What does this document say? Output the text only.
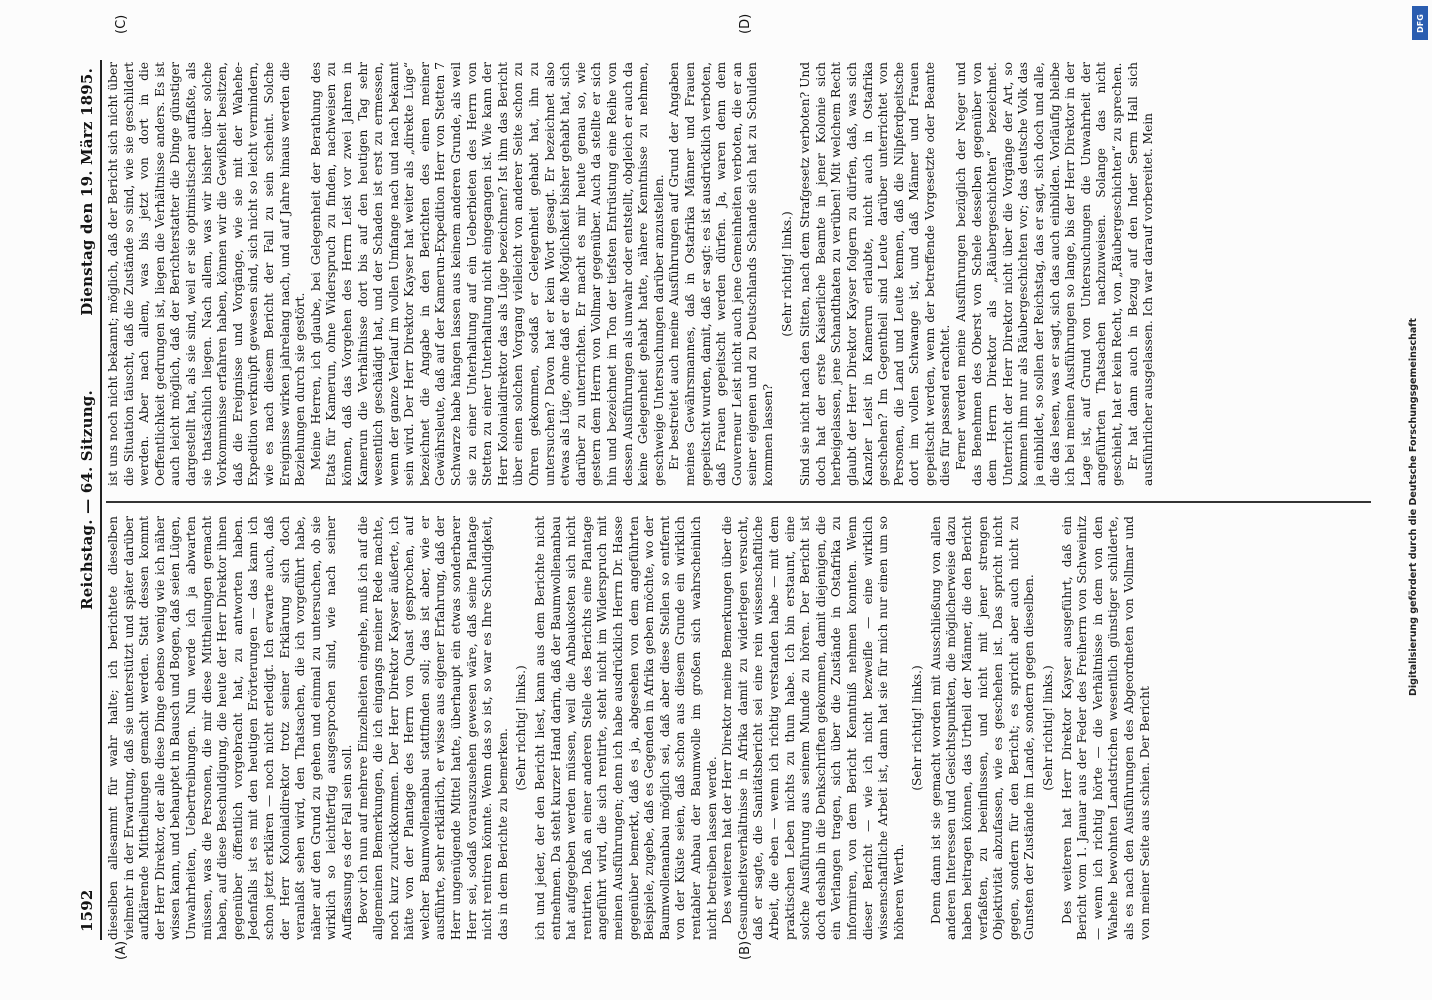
1592
Reichstag. — 64. Sitzung.
Dienstag den 19. März 1895.
(A)	(B)
(C)	(D)

dieselben allesammt für wahr halte; ich berichtete dieselben vielmehr in der Erwartung, daß sie unterstützt und später darüber aufklärende Mittheilungen gemacht werden. Statt dessen kommt der Herr Direktor, der alle diese Dinge ebenso wenig wie ich näher wissen kann, und behauptet in Bausch und Bogen, daß seien Lügen, Unwahrheiten, Uebertreibungen. Nun werde ich ja abwarten müssen, was die Personen, die mir diese Mittheilungen gemacht haben, auf diese Beschuldigung, die heute der Herr Direktor ihnen gegenüber öffentlich vorgebracht hat, zu antworten haben. Jedenfalls ist es mit den heutigen Erörterungen — das kann ich schon jetzt erklären — noch nicht erledigt. Ich erwarte auch, daß der Herr Kolonialdirektor trotz seiner Erklärung sich doch veranlaßt sehen wird, den Thatsachen, die ich vorgeführt habe, näher auf den Grund zu gehen und einmal zu untersuchen, ob sie wirklich so leichtfertig ausgesprochen sind, wie nach seiner Auffassung es der Fall sein soll. Bevor ich nun auf mehrere Einzelheiten eingehe, muß ich auf die allgemeinen Bemerkungen, die ich eingangs meiner Rede machte, noch kurz zurückkommen. Der Herr Direktor Kayser äußerte, ich hätte von der Plantage des Herrn von Quast gesprochen, auf welcher Baumwollenanbau stattfinden soll; das ist aber, wie er ausführte, sehr erklärlich, er wisse aus eigener Erfahrung, daß der Herr ungenügende Mittel hatte, überhaupt ein etwas sonderbarer Herr sei, sodaß vorauszusehen gewesen wäre, daß seine Plantage nicht rentiren könnte. Wenn das so ist, so war es Ihre Schuldigkeit, das in dem Berichte zu bemerken.

(Sehr richtig! links.) ich und jeder, der den Bericht liest, kann aus dem Berichte nicht entnehmen. Da steht kurzer Hand darin, daß der Baumwollenanbau hat aufgegeben werden müssen, weil die Anbaukosten sich nicht rentirten. Daß an einer anderen Stelle des Berichts eine Plantage angeführt wird, die sich rentirte, steht nicht im Widerspruch mit meinen Ausführungen; denn ich habe ausdrücklich Herrn Dr. Hasse gegenüber bemerkt, daß es ja, abgesehen von dem angeführten Beispiele, zugebe, daß es Gegenden in Afrika geben möchte, wo der Baumwollenanbau möglich sei, daß aber diese Stellen so entfernt von der Küste seien, daß schon aus diesem Grunde ein wirklich rentabler Anbau der Baumwolle im großen sich wahrscheinlich nicht betreiben lassen werde. Des weiteren hat der Herr Direktor meine Bemerkungen über die Gesundheitsverhältnisse in Afrika damit zu widerlegen versucht, daß er sagte, die Sanitätsbericht sei eine rein wissenschaftliche Arbeit, die eben — wenn ich richtig verstanden habe — mit dem praktischen Leben nichts zu thun habe. Ich bin erstaunt, eine solche Ausführung aus seinem Munde zu hören. Der Bericht ist doch deshalb in die Denkschriften gekommen, damit diejenigen, die ein Verlangen tragen, sich über die Zustände in Ostafrika zu informiren, von dem Bericht Kenntniß nehmen konnten. Wenn dieser Bericht — wie ich nicht bezweifle — eine wirklich wissenschaftliche Arbeit ist, dann hat sie für mich nur einen um so höheren Werth.

(Sehr richtig! links.) Denn dann ist sie gemacht worden mit Ausschließung von allen anderen Interessen und Gesichtspunkten, die möglicherweise dazu haben beitragen können, das Urtheil der Männer, die den Bericht verfaßten, zu beeinflussen, und nicht mit jener strengen Objektivität abzufassen, wie es geschehen ist. Das spricht nicht gegen, sondern für den Bericht; es spricht aber auch nicht zu Gunsten der Zustände im Lande, sondern gegen dieselben. (Sehr richtig! links.) Des weiteren hat Herr Direktor Kayser ausgeführt, daß ein Bericht vom 1. Januar aus der Feder des Freiherrn von Schweinitz — wenn ich richtig hörte — die Verhältnisse in dem von den Wahehe bewohnten Landstrichen wesentlich günstiger schilderte, als es nach den Ausführungen des Abgeordneten von Vollmar und von meiner Seite aus schien. Der Bericht

ist uns noch nicht bekannt; möglich, daß der Bericht sich nicht über die Situation täuscht, daß die Zustände so sind, wie sie geschildert werden. Aber nach allem, was bis jetzt von dort in die Oeffentlichkeit gedrungen ist, liegen die Verhältnisse anders. Es ist auch leicht möglich, daß der Berichterstatter die Dinge günstiger dargestellt hat, als sie sind, weil er sie optimistischer auffaßte, als sie thatsächlich liegen. Nach allem, was wir bisher über solche Vorkommnisse erfahren haben, können wir die Gewißheit besitzen, daß die Ereignisse und Vorgänge, wie sie mit der Wahehe-Expedition verknüpft gewesen sind, sich nicht so leicht vermindern, wie es nach diesem Bericht der Fall zu sein scheint. Solche Ereignisse wirken jahrelang nach, und auf Jahre hinaus werden die Beziehungen durch sie gestört. Meine Herren, ich glaube, bei Gelegenheit der Berathung des Etats für Kamerun, ohne Widerspruch zu finden, nachweisen zu können, daß das Vorgehen des Herrn Leist vor zwei Jahren in Kamerun die Verhältnisse dort bis auf den heutigen Tag sehr wesentlich geschädigt hat, und der Schaden ist erst zu ermessen, wenn der ganze Verlauf im vollen Umfange nach und nach bekannt sein wird. Der Herr Direktor Kayser hat weiter als „direkte Lüge“ bezeichnet die Angabe in den Berichten des einen meiner Gewährsleute, daß auf der Kamerun-Expedition Herr von Stetten 7 Schwarze habe hängen lassen aus keinem anderen Grunde, als weil sie zu einer Unterhaltung auf ein Ueberbieten des Herrn von Stetten zu einer Unterhaltung nicht eingegangen ist. Wie kann der Herr Kolonialdirektor das als Lüge bezeichnen? Ist ihm das Bericht über einen solchen Vorgang vielleicht von anderer Seite schon zu Ohren gekommen, sodaß er Gelegenheit gehabt hat, ihn zu untersuchen? Davon hat er kein Wort gesagt. Er bezeichnet also etwas als Lüge, ohne daß er die Möglichkeit bisher gehabt hat, sich darüber zu unterrichten. Er macht es mir heute genau so, wie gestern dem Herrn von Vollmar gegenüber. Auch da stellte er sich hin und bezeichnet im Ton der tiefsten Entrüstung eine Reihe von dessen Ausführungen als unwahr oder entstellt, obgleich er auch da keine Gelegenheit gehabt hatte, nähere Kenntnisse zu nehmen, geschweige Untersuchungen darüber anzustellen. Er bestreitet auch meine Ausführungen auf Grund der Angaben meines Gewährsmannes, daß in Ostafrika Männer und Frauen gepeitscht wurden, damit, daß er sagt: es ist ausdrücklich verboten, daß Frauen gepeitscht werden dürfen. Ja, waren denn dem Gouverneur Leist nicht auch jene Gemeinheiten verboten, die er an seiner eigenen und zu Deutschlands Schande sich hat zu Schulden kommen lassen?

(Sehr richtig! links.) Sind sie nicht nach den Sitten, nach dem Strafgesetz verboten? Und doch hat der erste Kaiserliche Beamte in jener Kolonie sich herbeigelassen, jene Schandthaten zu verüben! Mit welchem Recht glaubt der Herr Direktor Kayser folgern zu dürfen, daß, was sich Kanzler Leist in Kamerun erlaubte, nicht auch in Ostafrika geschehen? Im Gegentheil sind Leute darüber unterrichtet von Personen, die Land und Leute kennen, daß die Nilpferdpeitsche dort im vollen Schwange ist, und daß Männer und Frauen gepeitscht werden, wenn der betreffende Vorgesetzte oder Beamte dies für passend erachtet. Ferner werden meine Ausführungen bezüglich der Neger und das Benehmen des Oberst von Schele desselben gegenüber von dem Herrn Direktor als „Räubergeschichten“ bezeichnet. Unterricht der Herr Direktor nicht über die Vorgänge der Art, so kommen ihm nur als Räubergeschichten vor; das deutsche Volk das ja einbildet, so sollen der Reichstag, das er sagt, sich doch und alle, die das lesen, was er sagt, sich das auch einbilden. Vorläufig bleibe ich bei meinen Ausführungen so lange, bis der Herr Direktor in der Lage ist, auf Grund von Untersuchungen die Unwahrheit der angeführten Thatsachen nachzuweisen. Solange das nicht geschieht, hat er kein Recht, von „Räubergeschichten“ zu sprechen. Er hat dann auch in Bezug auf den Inder Serm Hall sich ausführlicher ausgelassen. Ich war darauf vorbereitet. Mein

DFG
Digitalisierung gefördert durch die Deutsche Forschungsgemeinschaft
